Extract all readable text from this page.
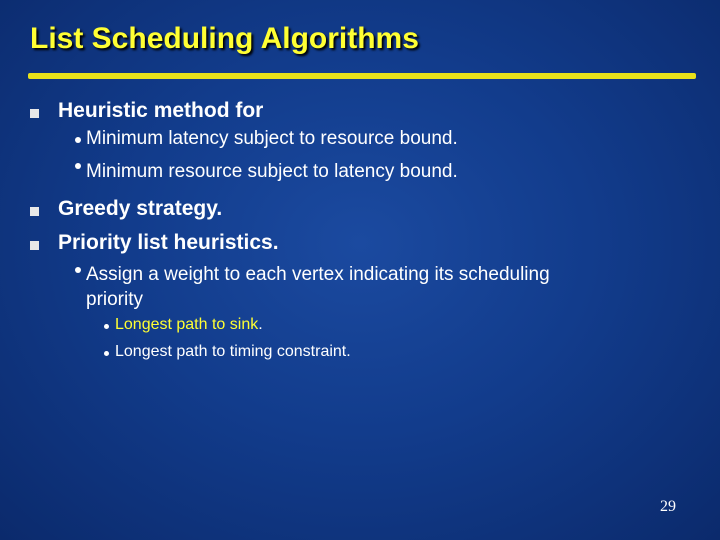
List Scheduling Algorithms
Heuristic method for
Minimum latency subject to resource bound.
Minimum resource subject to latency bound.
Greedy strategy.
Priority list heuristics.
Assign a weight to each vertex indicating its scheduling
priority
Longest path to sink.
Longest path to timing constraint.
29
